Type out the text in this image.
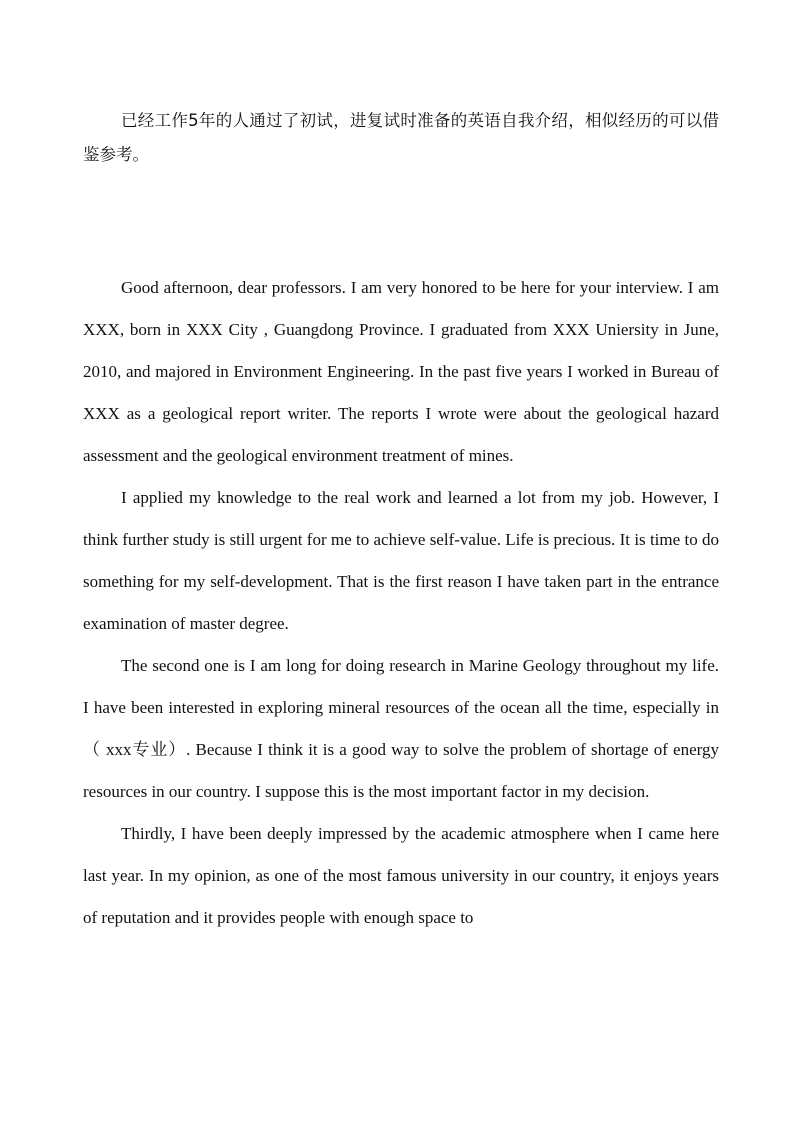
已经工作5年的人通过了初试，进复试时准备的英语自我介绍，相似经历的可以借鉴参考。

Good afternoon, dear professors. I am very honored to be here for your interview. I am XXX, born in XXX City , Guangdong Province. I graduated from XXX Uniersity in June, 2010, and majored in Environment Engineering. In the past five years I worked in Bureau of XXX as a geological report writer. The reports I wrote were about the geological hazard assessment and the geological environment treatment of mines.

I applied my knowledge to the real work and learned a lot from my job. However, I think further study is still urgent for me to achieve self-value. Life is precious. It is time to do something for my self-development. That is the first reason I have taken part in the entrance examination of master degree.

The second one is I am long for doing research in Marine Geology throughout my life. I have been interested in exploring mineral resources of the ocean all the time, especially in （ xxx专业）. Because I think it is a good way to solve the problem of shortage of energy resources in our country. I suppose this is the most important factor in my decision.

Thirdly, I have been deeply impressed by the academic atmosphere when I came here last year. In my opinion, as one of the most famous university in our country, it enjoys years of reputation and it provides people with enough space to
